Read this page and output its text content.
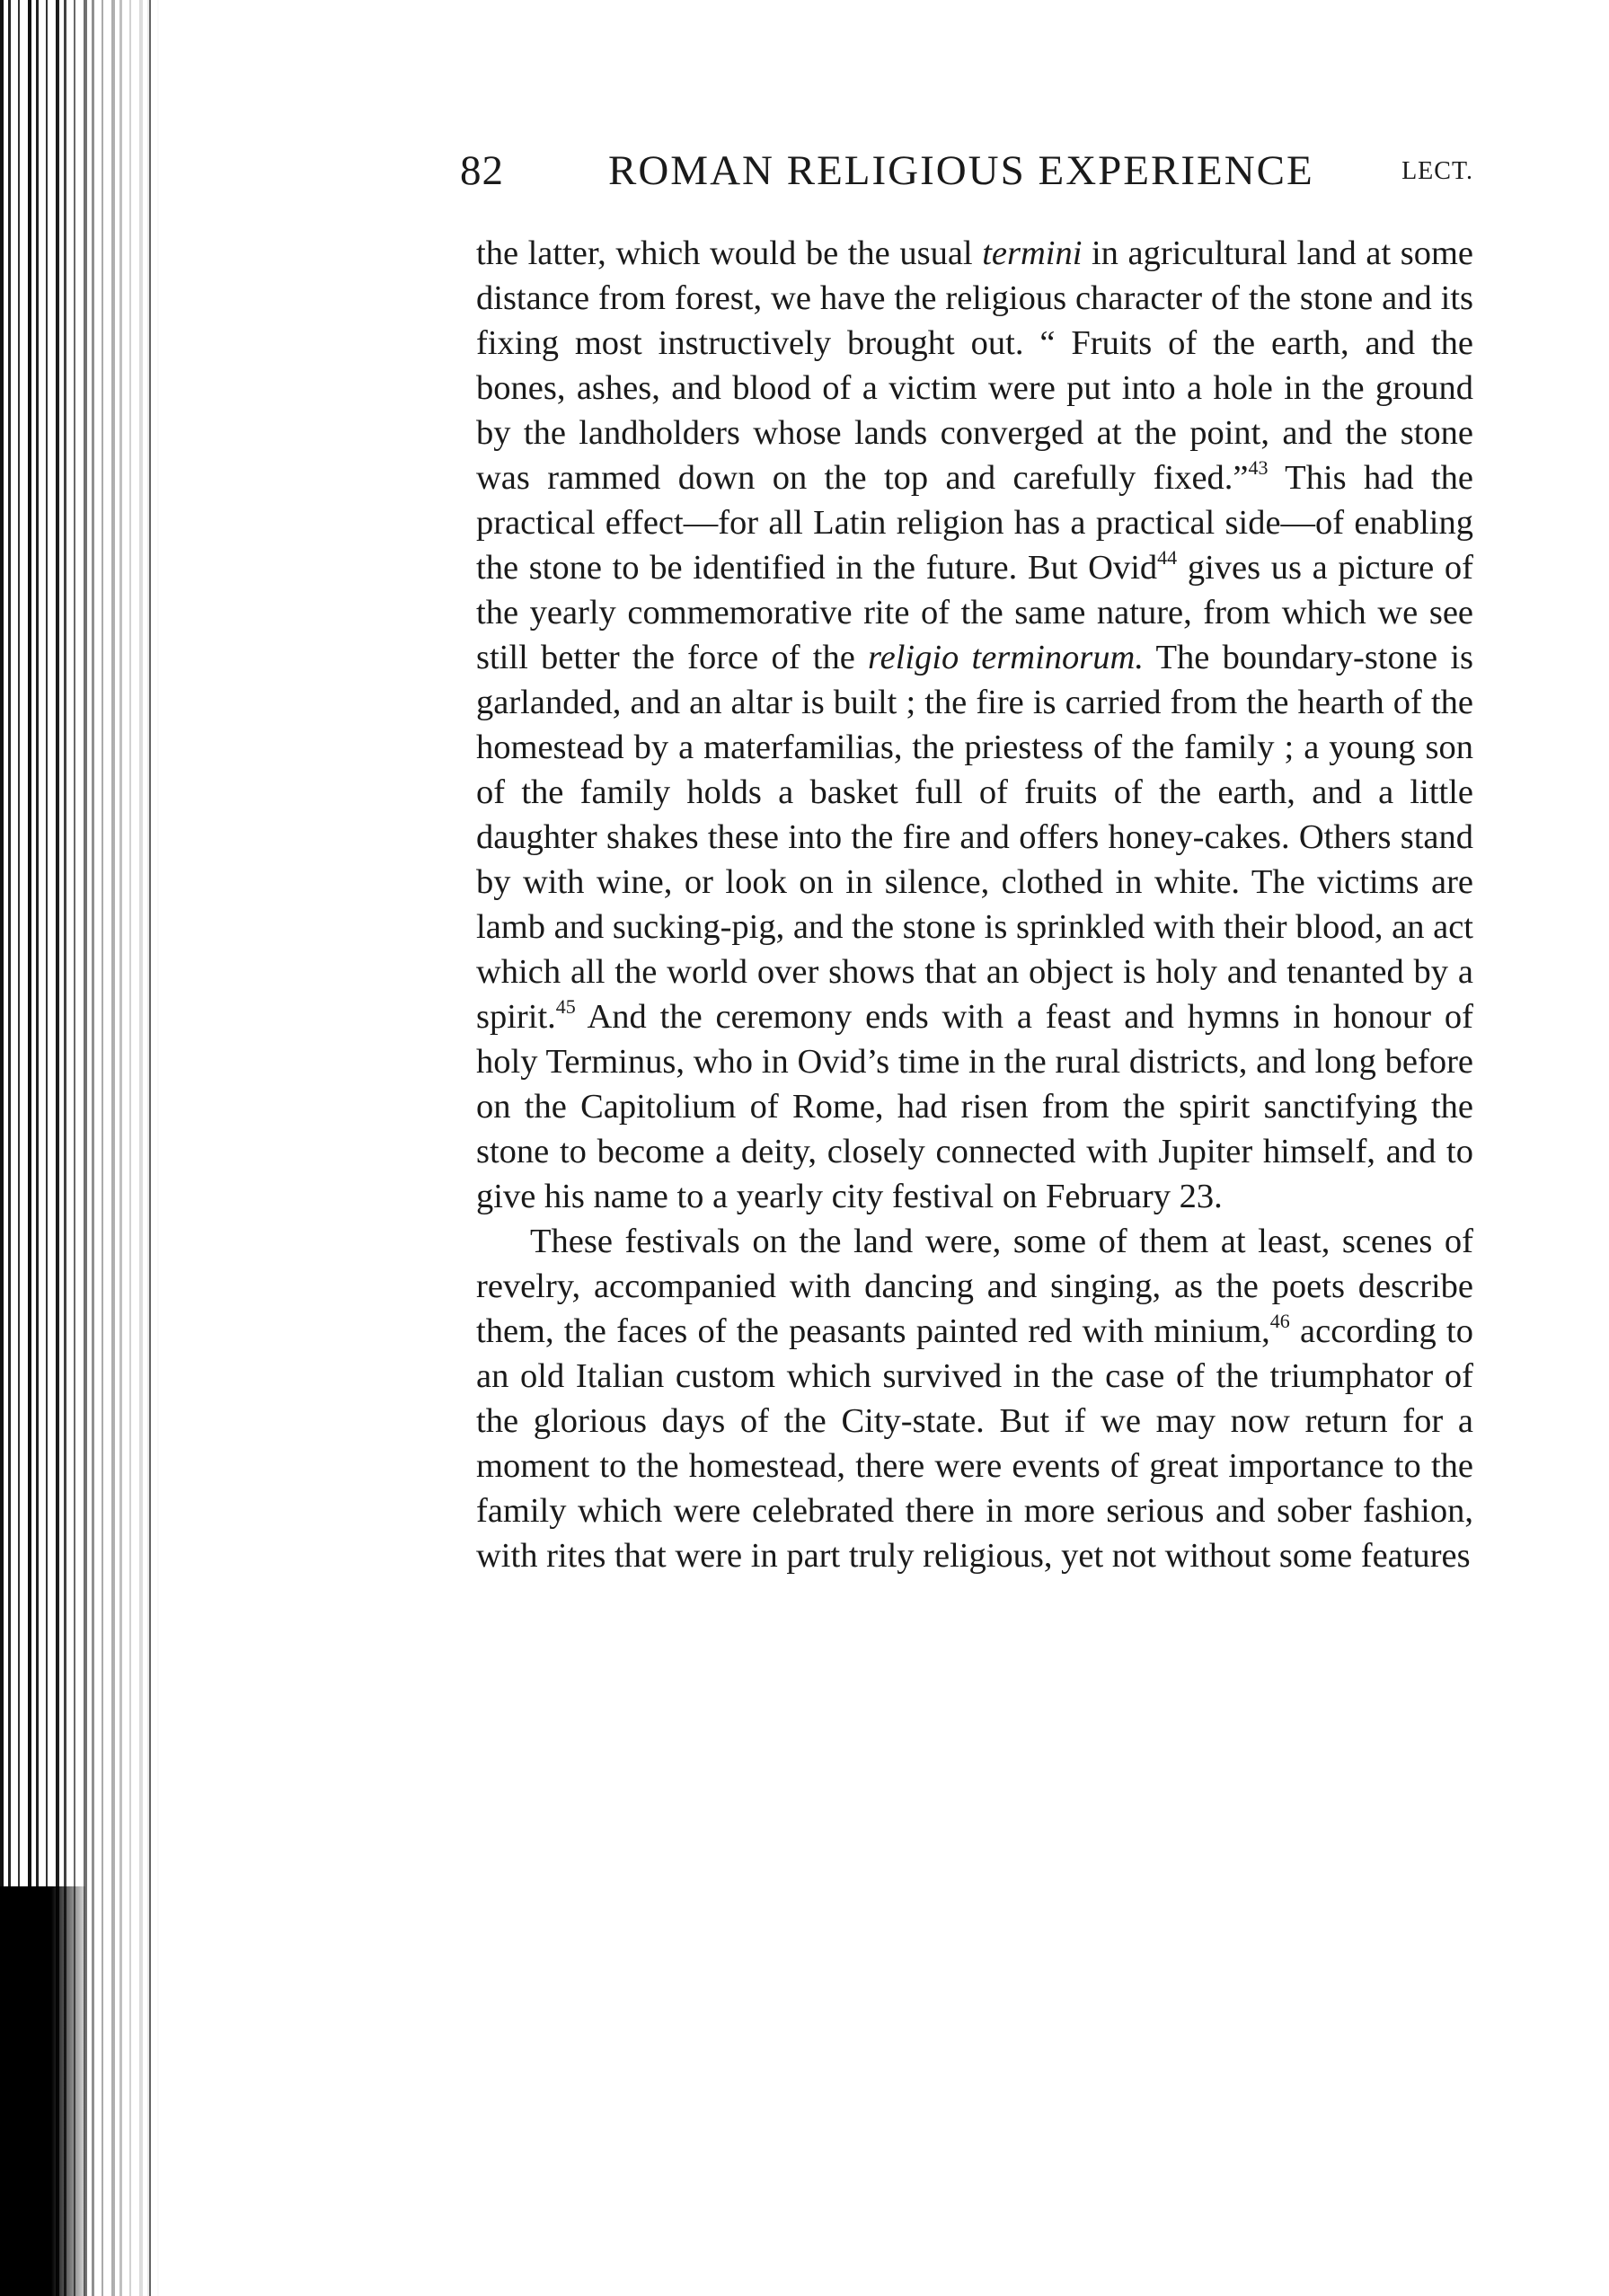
82 ROMAN RELIGIOUS EXPERIENCE	LECT.

the latter, which would be the usual termini in agricultural land at some distance from forest, we have the religious character of the stone and its fixing most instructively brought out. “ Fruits of the earth, and the bones, ashes, and blood of a victim were put into a hole in the ground by the landholders whose lands converged at the point, and the stone was rammed down on the top and carefully fixed.”$^{43}$ This had the practical effect—for all Latin religion has a practical side—of enabling the stone to be identified in the future. But Ovid$^{44}$ gives us a picture of the yearly commemorative rite of the same nature, from which we see still better the force of the religio terminorum. The boundary-stone is garlanded, and an altar is built ; the fire is carried from the hearth of the homestead by a materfamilias, the priestess of the family ; a young son of the family holds a basket full of fruits of the earth, and a little daughter shakes these into the fire and offers honey-cakes. Others stand by with wine, or look on in silence, clothed in white. The victims are lamb and sucking-pig, and the stone is sprinkled with their blood, an act which all the world over shows that an object is holy and tenanted by a spirit.$^{45}$ And the ceremony ends with a feast and hymns in honour of holy Terminus, who in Ovid’s time in the rural districts, and long before on the Capitolium of Rome, had risen from the spirit sanctifying the stone to become a deity, closely connected with Jupiter himself, and to give his name to a yearly city festival on February 23.

These festivals on the land were, some of them at least, scenes of revelry, accompanied with dancing and singing, as the poets describe them, the faces of the peasants painted red with minium,$^{46}$ according to an old Italian custom which survived in the case of the triumphator of the glorious days of the City-state. But if we may now return for a moment to the homestead, there were events of great importance to the family which were celebrated there in more serious and sober fashion, with rites that were in part truly religious, yet not without some features
